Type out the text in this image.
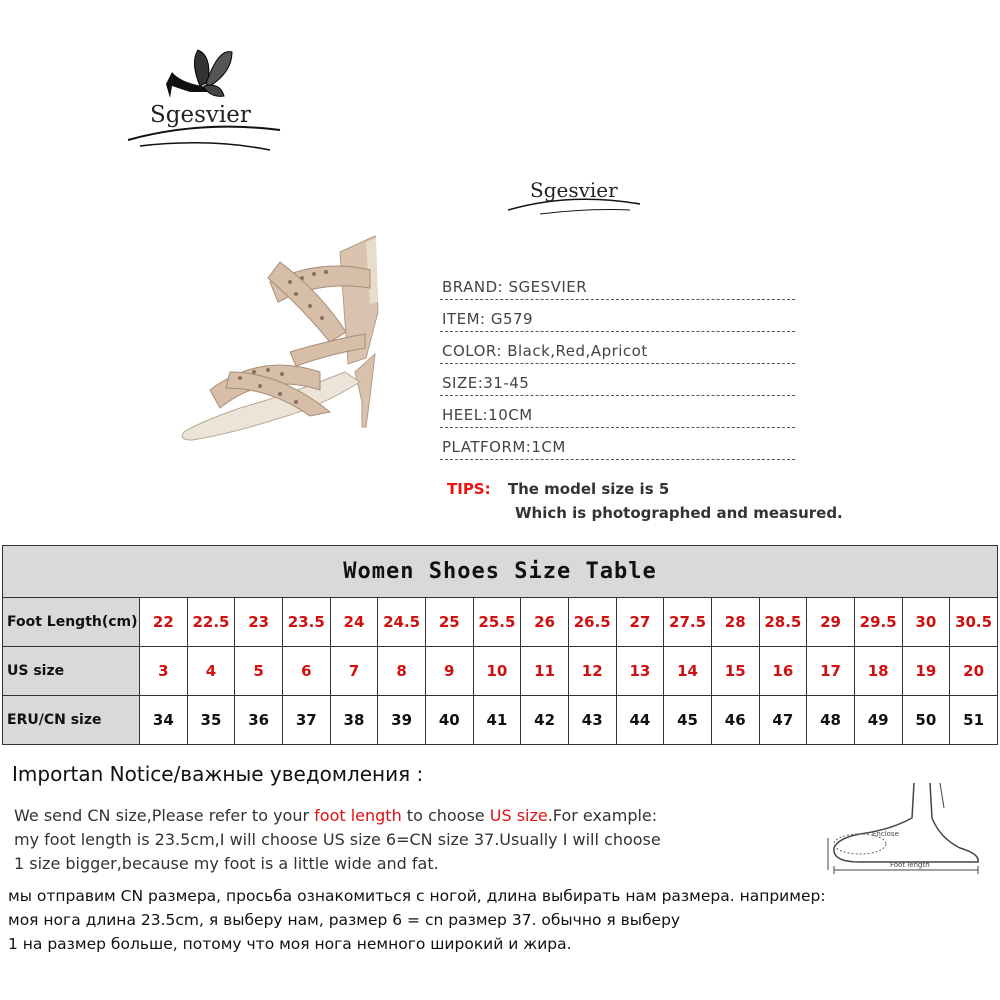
Sgesvier
Sgesvier
BRAND: SGESVIER
ITEM: G579
COLOR: Black,Red,Apricot
SIZE:31-45
HEEL:10CM
PLATFORM:1CM
TIPS: The model size is 5
Which is photographed and measured.
Women Shoes Size Table																		
Foot Length(cm)	22	22.5	23	23.5	24	24.5	25	25.5	26	26.5	27	27.5	28	28.5	29	29.5	30	30.5
US size	3	4	5	6	7	8	9	10	11	12	13	14	15	16	17	18	19	20
ERU/CN size	34	35	36	37	38	39	40	41	42	43	44	45	46	47	48	49	50	51
Importan Notice/важные уведомления :
We send CN size,Please refer to your foot length to choose US size.For example:
my foot length is 23.5cm,I will choose US size 6=CN size 37.Usually I will choose
1 size bigger,because my foot is a little wide and fat.
мы отправим CN размера, просьба ознакомиться с ногой, длина выбирать нам размера. например:
моя нога длина 23.5cm, я выберу нам, размер 6 = cn размер 37. обычно я выберу
1 на размер больше, потому что моя нога немного широкий и жира.
Enclose
Foot length
